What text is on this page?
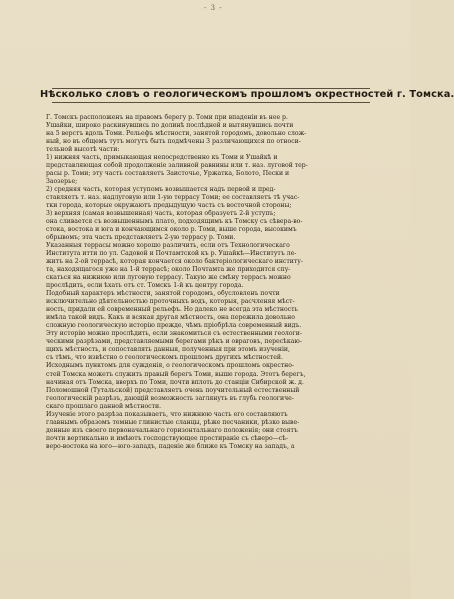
- 3 -
Нѣсколько словъ о геологическомъ прошломъ окрестностей г. Томска.
Г. Томскъ расположенъ на правомъ берегу р. Томи при впаденiи въ нее р.
Ушайки, широко раскинувшись по долинѣ послѣдней и вытянувшись почти
на 5 верстъ вдоль Томи. Рельефъ мѣстности, занятой городомъ, довольно слож-
ный, но въ общемъ тутъ могутъ быть подмѣчены 3 различающихся по относи-
тельной высотѣ части:
1) нижняя часть, примыкающая непосредственно къ Томи и Ушайкѣ и
представляющая собой продолженiе заливной равнины или т. наз. луговой тер-
расы р. Томи; эту часть составляетъ Заисточье, Уржатка, Болото, Пески и
Заозерье;
2) средняя часть, которая уступомъ возвышается надъ первой и пред-
ставляетъ т. наз. надлуговую или 1-ую террасу Томи; ее составляетъ тѣ учас-
тки города, которые окружаютъ предыдущую часть съ восточной стороны;
3) верхняя (самая возвышенная) часть, которая образуетъ 2-й уступъ;
она сливается съ возвышеннымъ плато, подходящимъ къ Томску съ сѣвера-во-
стока, востока и юга и кончающимся около р. Томи, выше города, высокимъ
обрывомъ; эта часть представляетъ 2-ую террасу р. Томи.
Указанныя террасы можно хорошо различить, если отъ Технологическаго
Института итти по ул. Садовой и Почтамтской къ р. Ушайкѣ—Институтъ ле-
житъ на 2-ой террасѣ, которая кончается около бактерiологическаго институ-
та, находящагося уже на 1-й террасѣ; около Почтамта же приходится спу-
скаться на нижнюю или луговую террасу. Такую же смѣну террасъ можно
прослѣдить, если ѣхать отъ ст. Томскъ 1-й къ центру города.
Подобный характеръ мѣстности, занятой городомъ, обусловленъ почти
исключительно дѣятельностью проточныхъ водъ, которыя, расчленяя мѣст-
ность, придали ей современный рельефъ. Но далеко не всегда эта мѣстность
имѣла такой видъ. Какъ и всякая другая мѣстность, она пережила довольно
сложную геологическую исторiю прежде, чѣмъ прiобрѣла современный видъ.
Эту исторiю можно прослѣдить, если знакомиться съ естественными геологи-
ческими разрѣзами, представляемыми берегами рѣкъ и овраговъ, пересѣкаю-
щихъ мѣстность, и сопоставлять данныя, полученныя при этомъ изученiи,
съ тѣмъ, что извѣстно о геологическомъ прошломъ другихъ мѣстностей.
Исходнымъ пунктомъ для сужденiя, о геологическомъ прошломъ окрестно-
стей Томска можетъ служить правый берегъ Томи, выше города. Этотъ берегъ,
начиная отъ Томска, вверхъ по Томи, почти вплоть до станцiи Сибирской ж. д.
Поломошной (Тутальской) представляетъ очень поучительный естественный
геологическiй разрѣзъ, дающiй возможность заглянуть въ глубь геологиче-
скаго прошлаго данной мѣстности.
Изученiе этого разрѣза показываетъ, что нижнюю часть его составляютъ
главнымъ образомъ темные глинистые сланцы, рѣже песчаники, рѣзко выве-
денные изъ своего первоначальнаго горизонтальнаго положенiя; они стоятъ
почти вертикально и имѣютъ господствующее простиранiе съ сѣверо—сѣ-
веро-востока на юго—юго-западъ, паденiе же ближе къ Томску на западъ, а
